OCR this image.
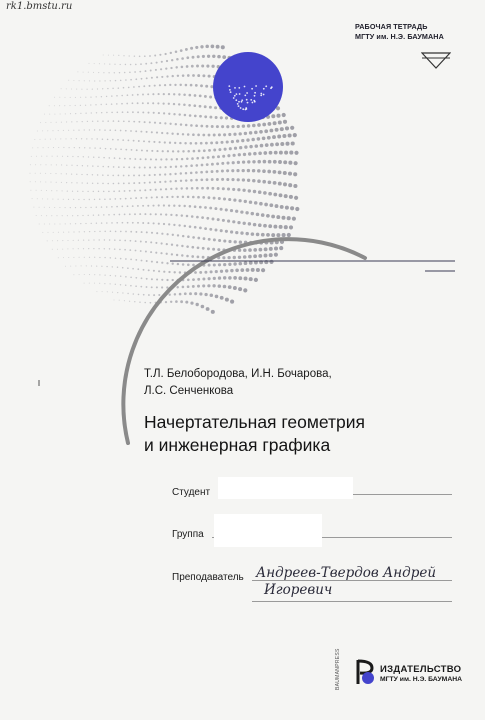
rk1.bmstu.ru
РАБОЧАЯ ТЕТРАДЬ
МГТУ им. Н.Э. БАУМАНА
Т.Л. Белобородова, И.Н. Бочарова,
Л.С. Сенченкова
Начертательная геометрия
и инженерная графика
Студент
Группа
Преподаватель Андреев-Твердов Андрей
Игоревич
ИЗДАТЕЛЬСТВО
МГТУ им. Н.Э. БАУМАНА
BAUMANPRESS
